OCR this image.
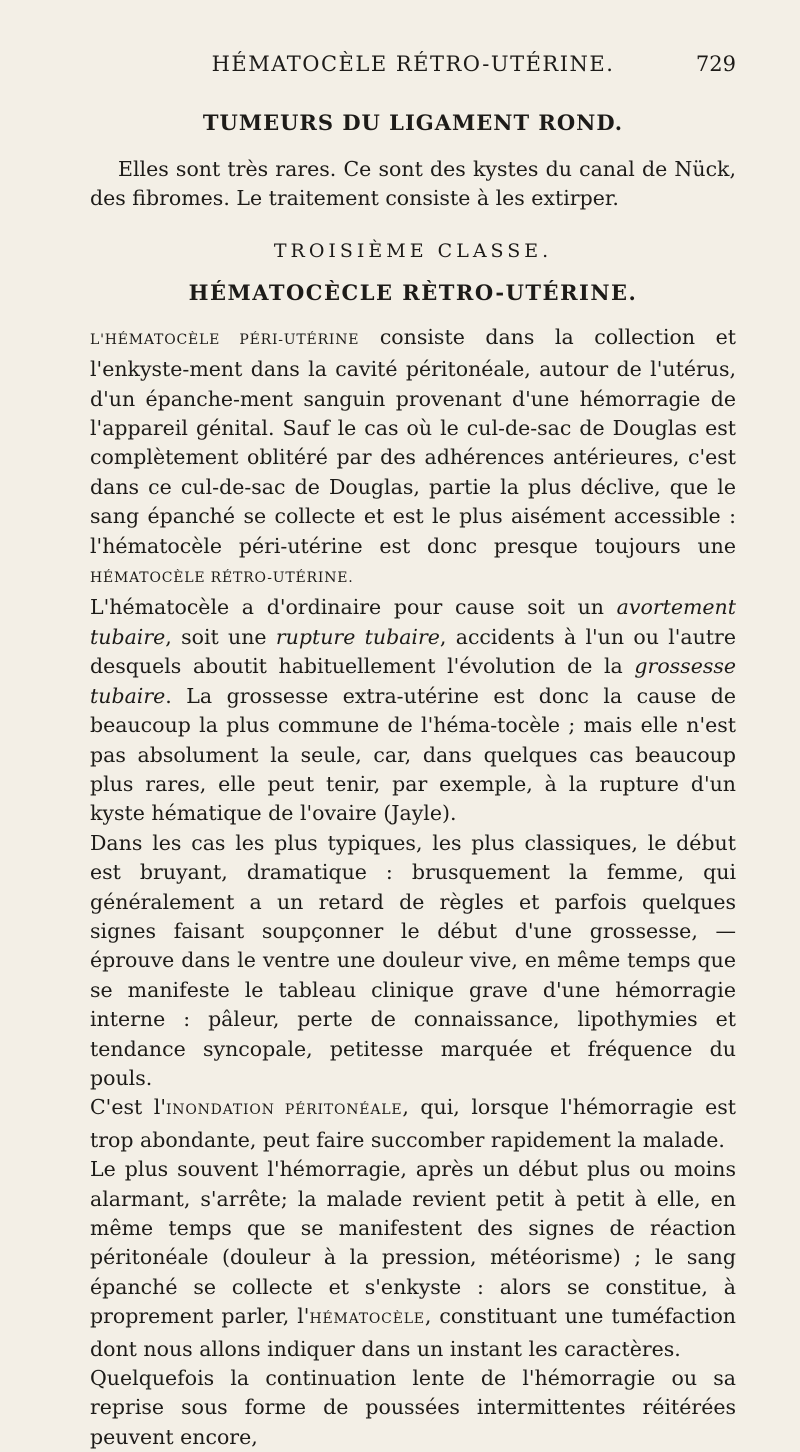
HÉMATOCÈLE RÉTRO-UTÉRINE.	729
TUMEURS DU LIGAMENT ROND.

Elles sont très rares. Ce sont des kystes du canal de Nück, des fibromes. Le traitement consiste à les extirper.

TROISIÈME CLASSE.
HÉMATOCÈCLE RÈTRO-UTÉRINE.

L'HÉMATOCÈLE PÉRI-UTÉRINE consiste dans la collection et l'enkyste-ment dans la cavité péritonéale, autour de l'utérus, d'un épanche-ment sanguin provenant d'une hémorragie de l'appareil génital. Sauf le cas où le cul-de-sac de Douglas est complètement oblitéré par des adhérences antérieures, c'est dans ce cul-de-sac de Douglas, partie la plus déclive, que le sang épanché se collecte et est le plus aisément accessible : l'hématocèle péri-utérine est donc presque toujours une HÉMATOCÈLE RÉTRO-UTÉRINE.

L'hématocèle a d'ordinaire pour cause soit un avortement tubaire, soit une rupture tubaire, accidents à l'un ou l'autre desquels aboutit habituellement l'évolution de la grossesse tubaire. La grossesse extra-utérine est donc la cause de beaucoup la plus commune de l'héma-tocèle ; mais elle n'est pas absolument la seule, car, dans quelques cas beaucoup plus rares, elle peut tenir, par exemple, à la rupture d'un kyste hématique de l'ovaire (Jayle).

Dans les cas les plus typiques, les plus classiques, le début est bruyant, dramatique : brusquement la femme, qui généralement a un retard de règles et parfois quelques signes faisant soupçonner le début d'une grossesse, — éprouve dans le ventre une douleur vive, en même temps que se manifeste le tableau clinique grave d'une hémorragie interne : pâleur, perte de connaissance, lipothymies et tendance syncopale, petitesse marquée et fréquence du pouls.

C'est l'INONDATION PÉRITONÉALE, qui, lorsque l'hémorragie est trop abondante, peut faire succomber rapidement la malade.

Le plus souvent l'hémorragie, après un début plus ou moins alarmant, s'arrête; la malade revient petit à petit à elle, en même temps que se manifestent des signes de réaction péritonéale (douleur à la pression, météorisme) ; le sang épanché se collecte et s'enkyste : alors se constitue, à proprement parler, l'HÉMATOCÈLE, constituant une tuméfaction dont nous allons indiquer dans un instant les caractères.

Quelquefois la continuation lente de l'hémorragie ou sa reprise sous forme de poussées intermittentes réitérées peuvent encore,
